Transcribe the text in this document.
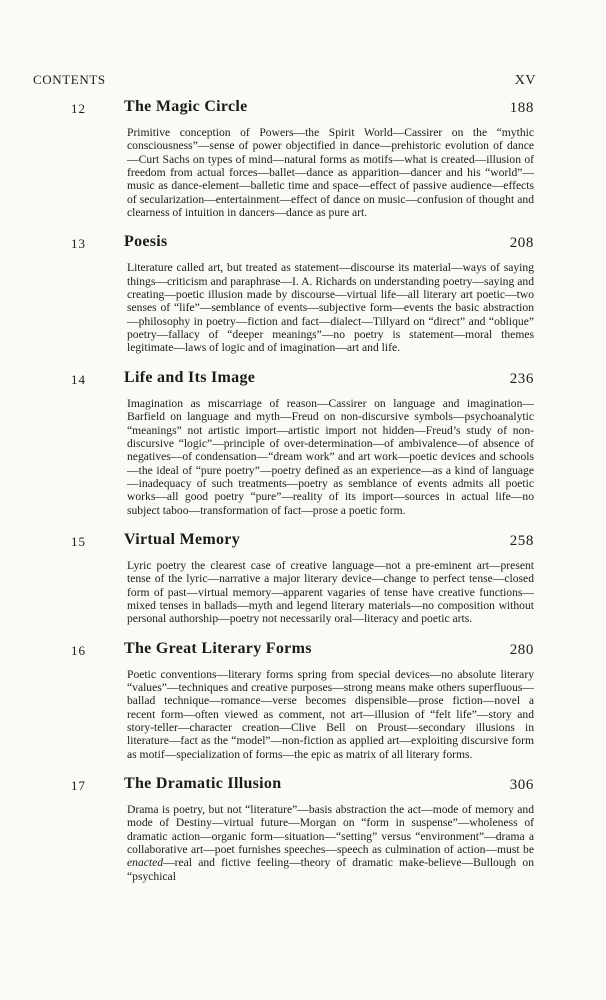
CONTENTS	XV
12 The Magic Circle	188

Primitive conception of Powers—the Spirit World—Cassirer on the “mythic consciousness”—sense of power objectified in dance—prehistoric evolution of dance—Curt Sachs on types of mind—natural forms as motifs—what is created—illusion of freedom from actual forces—ballet—dance as apparition—dancer and his “world”—music as dance-element—balletic time and space—effect of passive audience—effects of secularization—entertainment—effect of dance on music—confusion of thought and clearness of intuition in dancers—dance as pure art.

13 Poesis	208

Literature called art, but treated as statement—discourse its material—ways of saying things—criticism and paraphrase—I. A. Richards on understanding poetry—saying and creating—poetic illusion made by discourse—virtual life—all literary art poetic—two senses of “life”—semblance of events—subjective form—events the basic abstraction—philosophy in poetry—fiction and fact—dialect—Tillyard on “direct” and “oblique” poetry—fallacy of “deeper meanings”—no poetry is statement—moral themes legitimate—laws of logic and of imagination—art and life.

14 Life and Its Image	236

Imagination as miscarriage of reason—Cassirer on language and imagination—Barfield on language and myth—Freud on non-discursive symbols—psychoanalytic “meanings” not artistic import—artistic import not hidden—Freud’s study of non-discursive “logic”—principle of over-determination—of ambivalence—of absence of negatives—of condensation—“dream work” and art work—poetic devices and schools—the ideal of “pure poetry”—poetry defined as an experience—as a kind of language—inadequacy of such treatments—poetry as semblance of events admits all poetic works—all good poetry “pure”—reality of its import—sources in actual life—no subject taboo—transformation of fact—prose a poetic form.

15 Virtual Memory	258

Lyric poetry the clearest case of creative language—not a pre-eminent art—present tense of the lyric—narrative a major literary device—change to perfect tense—closed form of past—virtual memory—apparent vagaries of tense have creative functions—mixed tenses in ballads—myth and legend literary materials—no composition without personal authorship—poetry not necessarily oral—literacy and poetic arts.

16 The Great Literary Forms	280

Poetic conventions—literary forms spring from special devices—no absolute literary “values”—techniques and creative purposes—strong means make others superfluous—ballad technique—romance—verse becomes dispensible—prose fiction—novel a recent form—often viewed as comment, not art—illusion of “felt life”—story and story-teller—character creation—Clive Bell on Proust—secondary illusions in literature—fact as the “model”—non-fiction as applied art—exploiting discursive form as motif—specialization of forms—the epic as matrix of all literary forms.

17 The Dramatic Illusion	306

Drama is poetry, but not “literature”—basis abstraction the act—mode of memory and mode of Destiny—virtual future—Morgan on “form in suspense”—wholeness of dramatic action—organic form—situation—“setting” versus “environment”—drama a collaborative art—poet furnishes speeches—speech as culmination of action—must be enacted—real and fictive feeling—theory of dramatic make-believe—Bullough on “psychical
